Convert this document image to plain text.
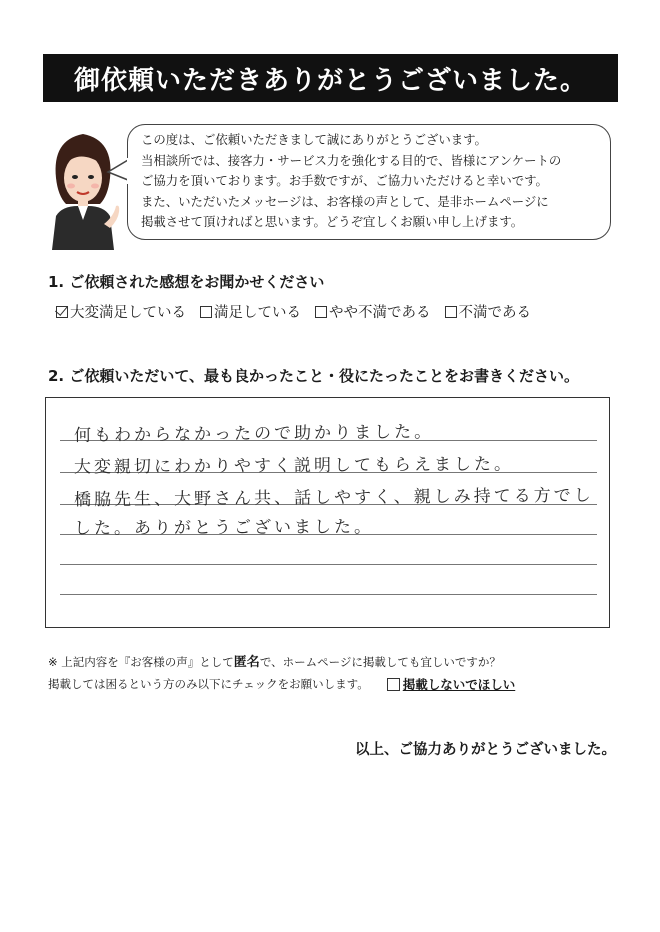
御依頼いただきありがとうございました。
この度は、ご依頼いただきまして誠にありがとうございます。
当相談所では、接客力・サービス力を強化する目的で、皆様にアンケートの
ご協力を頂いております。お手数ですが、ご協力いただけると幸いです。
また、いただいたメッセージは、お客様の声として、是非ホームページに
掲載させて頂ければと思います。どうぞ宜しくお願い申し上げます。
1. ご依頼された感想をお聞かせください
大変満足している 満足している やや不満である 不満である
2. ご依頼いただいて、最も良かったこと・役にたったことをお書きください。
何もわからなかったので助かりました。
大変親切にわかりやすく説明してもらえました。
橋脇先生、大野さん共、話しやすく、親しみ持てる方でし
した。ありがとうございました。
※ 上記内容を『お客様の声』として匿名で、ホームページに掲載しても宜しいですか？
掲載しては困るという方のみ以下にチェックをお願いします。	掲載しないでほしい
以上、ご協力ありがとうございました。
